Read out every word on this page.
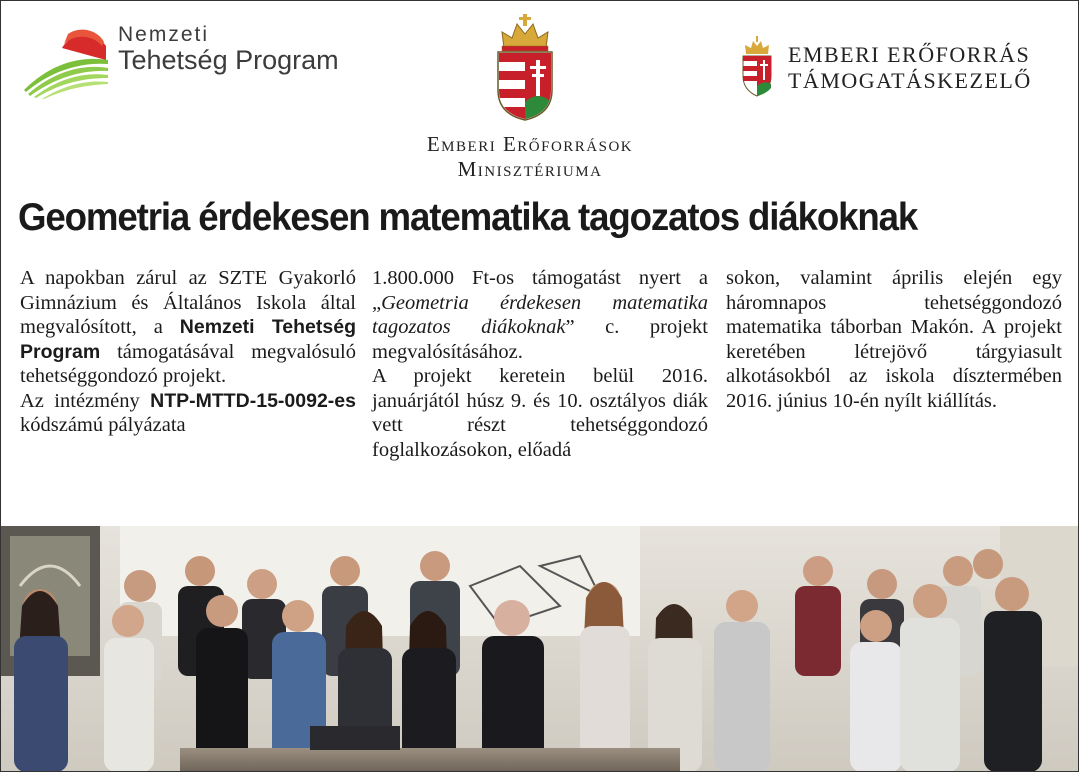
Nemzeti
Tehetség Program
Emberi Erőforrások
Minisztériuma
EMBERI ERŐFORRÁS
TÁMOGATÁSKEZELŐ
Geometria érdekesen matematika tagozatos diákoknak

A napokban zárul az SZTE Gyakorló Gimnázium és Általános Iskola által megvalósított, a Nemzeti Tehetség Program támogatásával megvalósuló tehetséggondozó projekt.

Az intézmény NTP-MTTD-15-0092-es kódszámú pályázata

1.800.000 Ft-os támogatást nyert a „Geometria érdekesen matematika tagozatos diákoknak” c. projekt megvalósításához.

A projekt keretein belül 2016. januárjától húsz 9. és 10. osztályos diák vett részt tehetséggondozó foglalkozásokon, előadá

sokon, valamint április elején egy háromnapos tehetséggondozó matematika táborban Makón. A projekt keretében létrejövő tárgyiasult alkotásokból az iskola dísztermében 2016. június 10-én nyílt kiállítás.
